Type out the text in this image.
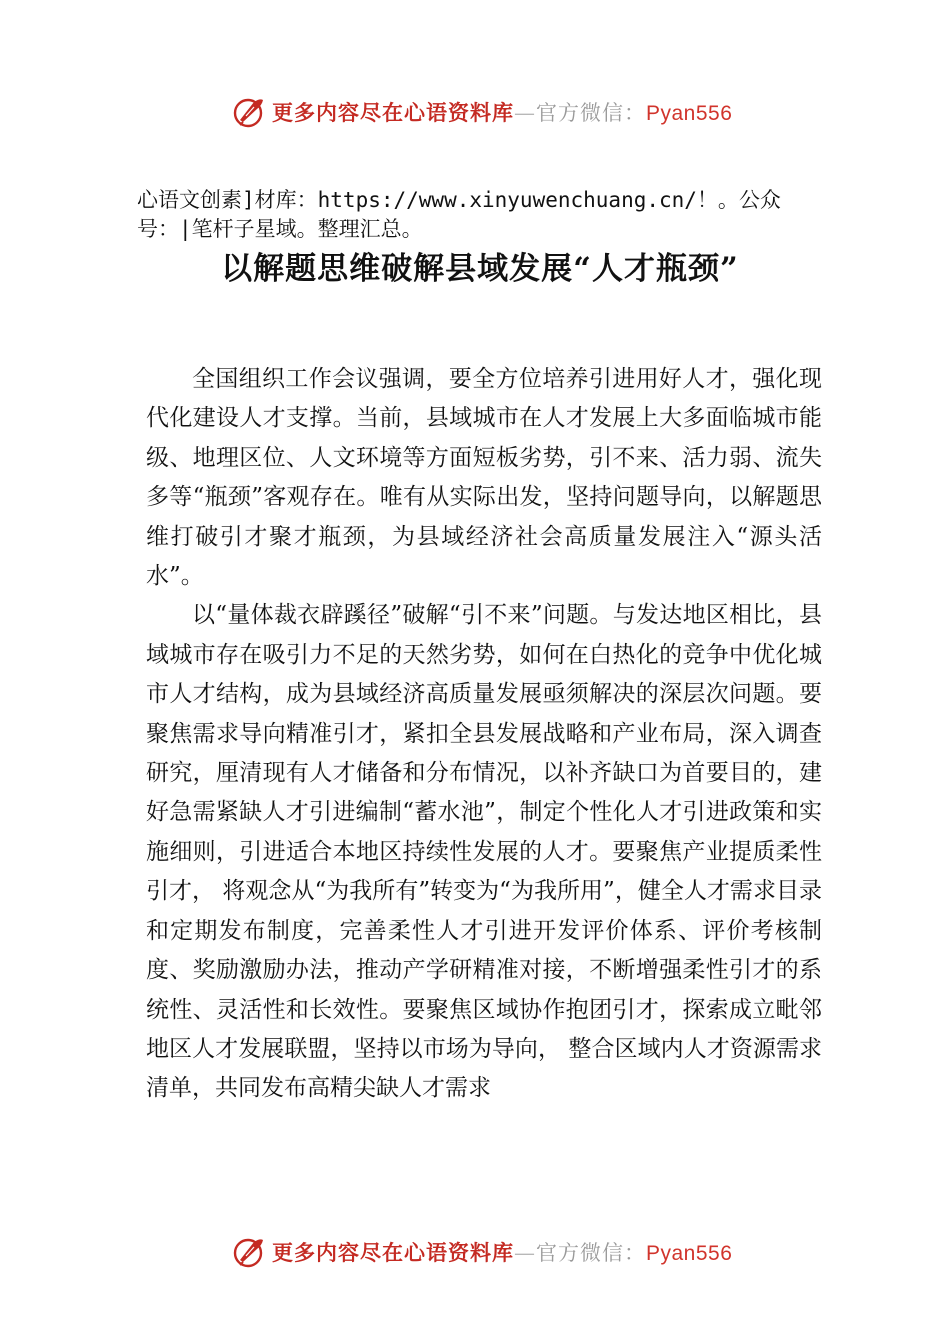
更多内容尽在心语资料库—官方微信：Pyan556
心语文创素]材库：https://www.xinyuwenchuang.cn/！。公众号：|笔杆子星域。整理汇总。
以解题思维破解县域发展“人才瓶颈”

全国组织工作会议强调，要全方位培养引进用好人才，强化现代化建设人才支撑。当前，县域城市在人才发展上大多面临城市能级、地理区位、人文环境等方面短板劣势，引不来、活力弱、流失多等“瓶颈”客观存在。唯有从实际出发，坚持问题导向，以解题思维打破引才聚才瓶颈，为县域经济社会高质量发展注入“源头活水”。

以“量体裁衣辟蹊径”破解“引不来”问题。与发达地区相比，县域城市存在吸引力不足的天然劣势，如何在白热化的竞争中优化城市人才结构，成为县域经济高质量发展亟须解决的深层次问题。要聚焦需求导向精准引才，紧扣全县发展战略和产业布局，深入调查研究，厘清现有人才储备和分布情况，以补齐缺口为首要目的，建好急需紧缺人才引进编制“蓄水池”，制定个性化人才引进政策和实施细则，引进适合本地区持续性发展的人才。要聚焦产业提质柔性引才， 将观念从“为我所有”转变为“为我所用”，健全人才需求目录和定期发布制度，完善柔性人才引进开发评价体系、评价考核制度、奖励激励办法，推动产学研精准对接，不断增强柔性引才的系统性、灵活性和长效性。要聚焦区域协作抱团引才，探索成立毗邻地区人才发展联盟，坚持以市场为导向， 整合区域内人才资源需求清单，共同发布高精尖缺人才需求

更多内容尽在心语资料库—官方微信：Pyan556
